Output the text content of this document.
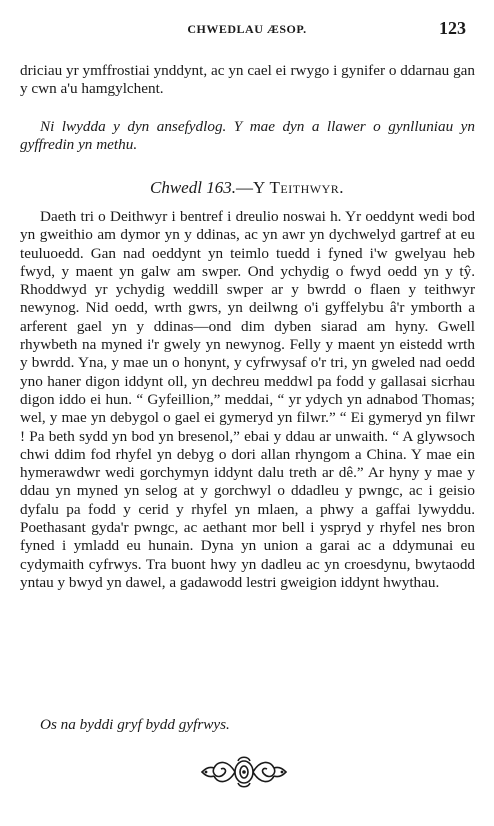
CHWEDLAU ÆSOP.	123

driciau yr ymffrostiai ynddynt, ac yn cael ei rwygo i gynifer o ddarnau gan y cwn a'u hamgylchent.

Ni lwydda y dyn ansefydlog. Y mae dyn a llawer o gynlluniau yn gyffredin yn methu.

Chwedl 163.—Y Teithwyr.

Daeth tri o Deithwyr i bentref i dreulio noswai h. Yr oeddynt wedi bod yn gweithio am dymor yn y ddinas, ac yn awr yn dychwelyd gartref at eu teuluoedd. Gan nad oeddynt yn teimlo tuedd i fyned i'w gwelyau heb fwyd, y maent yn galw am swper. Ond ychydig o fwyd oedd yn y tŷ. Rhoddwyd yr ychydig weddill swper ar y bwrdd o flaen y teithwyr newynog. Nid oedd, wrth gwrs, yn deilwng o'i gyffelybu â'r ymborth a arferent gael yn y ddinas—ond dim dyben siarad am hyny. Gwell rhywbeth na myned i'r gwely yn newynog. Felly y maent yn eistedd wrth y bwrdd. Yna, y mae un o honynt, y cyfrwysaf o'r tri, yn gweled nad oedd yno haner digon iddynt oll, yn dechreu meddwl pa fodd y gallasai sicrhau digon iddo ei hun. “ Gyfeillion,” meddai, “ yr ydych yn adnabod Thomas; wel, y mae yn debygol o gael ei gymeryd yn filwr.” “ Ei gymeryd yn filwr ! Pa beth sydd yn bod yn bresenol,” ebai y ddau ar unwaith. “ A glywsoch chwi ddim fod rhyfel yn debyg o dori allan rhyngom a China. Y mae ein hymerawdwr wedi gorchymyn iddynt dalu treth ar dê.” Ar hyny y mae y ddau yn myned yn selog at y gorchwyl o ddadleu y pwngc, ac i geisio dyfalu pa fodd y cerid y rhyfel yn mlaen, a phwy a gaffai lywyddu. Poethasant gyda'r pwngc, ac aethant mor bell i yspryd y rhyfel nes bron fyned i ymladd eu hunain. Dyna yn union a garai ac a ddymunai eu cydymaith cyfrwys. Tra buont hwy yn dadleu ac yn croesdynu, bwytaodd yntau y bwyd yn dawel, a gadawodd lestri gweigion iddynt hwythau.

Os na byddi gryf bydd gyfrwys.
